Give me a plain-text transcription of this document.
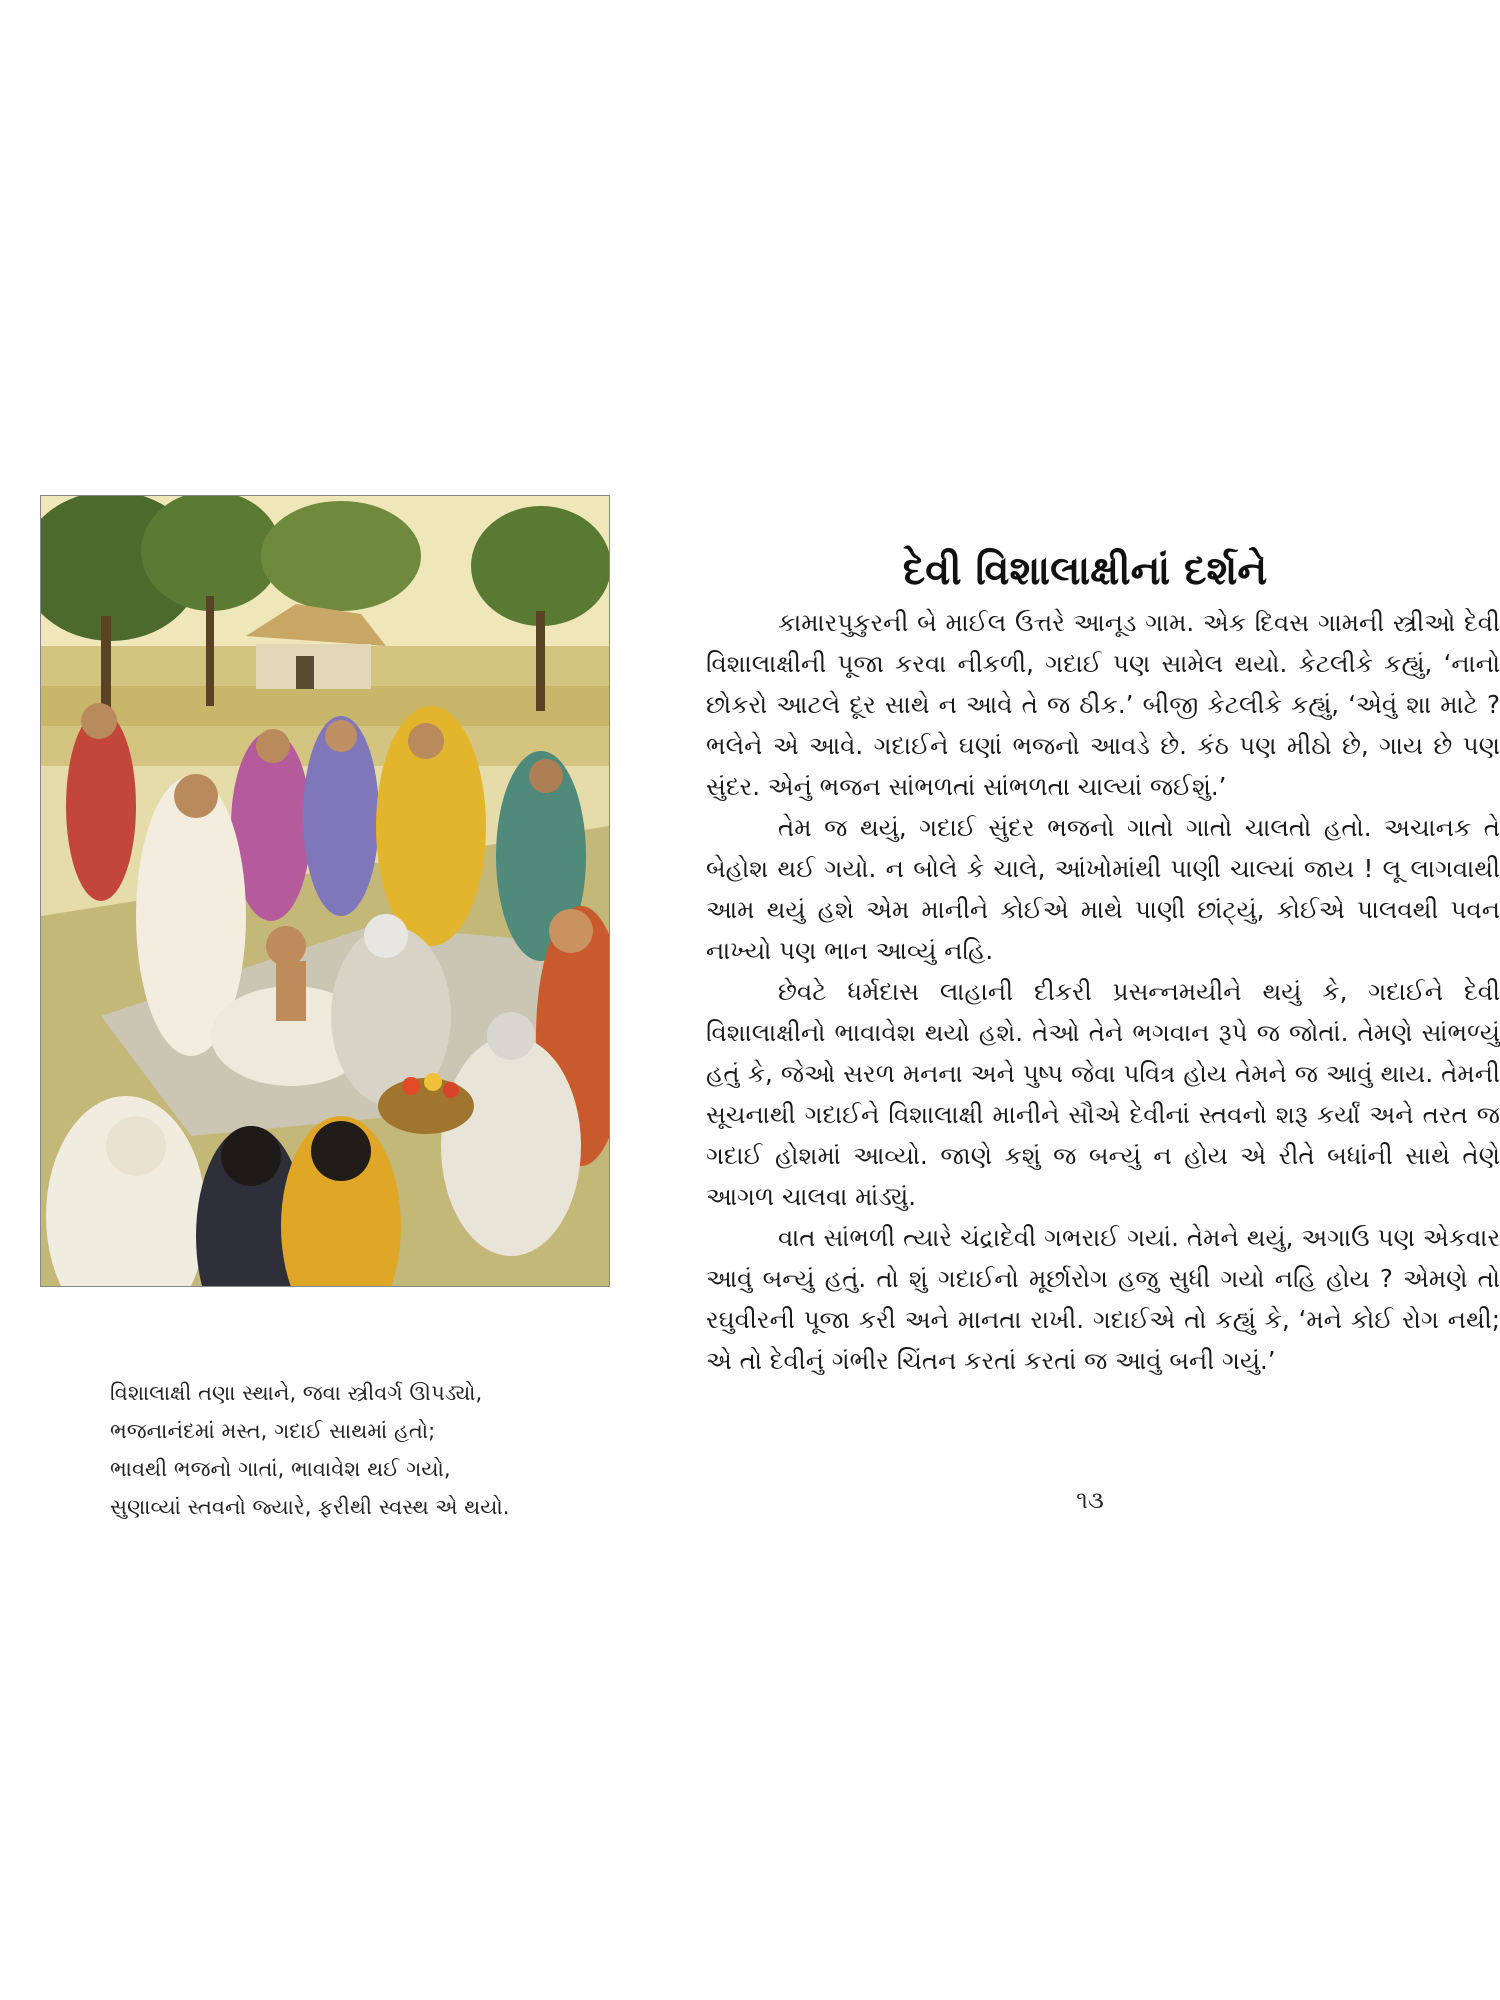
વિશાલાક્ષી તણા સ્થાને, જવા સ્ત્રીવર્ગ ઊપડ્યો,
ભજનાનંદમાં મસ્ત, ગદાઈ સાથમાં હતો;
ભાવથી ભજનો ગાતાં, ભાવાવેશ થઈ ગયો,
સુણાવ્યાં સ્તવનો જ્યારે, ફરીથી સ્વસ્થ એ થયો.
દેવી વિશાલાક્ષીનાં દર્શને

કામારપુકુરની બે માઈલ ઉત્તરે આનૂડ ગામ. એક દિવસ ગામની સ્ત્રીઓ દેવી વિશાલાક્ષીની પૂજા કરવા નીકળી, ગદાઈ પણ સામેલ થયો. કેટલીકે કહ્યું, ‘નાનો છોકરો આટલે દૂર સાથે ન આવે તે જ ઠીક.’ બીજી કેટલીકે કહ્યું, ‘એવું શા માટે ? ભલેને એ આવે. ગદાઈને ઘણાં ભજનો આવડે છે. કંઠ પણ મીઠો છે, ગાય છે પણ સુંદર. એનું ભજન સાંભળતાં સાંભળતા ચાલ્યાં જઈશું.’

તેમ જ થયું, ગદાઈ સુંદર ભજનો ગાતો ગાતો ચાલતો હતો. અચાનક તે બેહોશ થઈ ગયો. ન બોલે કે ચાલે, આંખોમાંથી પાણી ચાલ્યાં જાય ! લૂ લાગવાથી આમ થયું હશે એમ માનીને કોઈએ માથે પાણી છાંટ્યું, કોઈએ પાલવથી પવન નાખ્યો પણ ભાન આવ્યું નહિ.

છેવટે ધર્મદાસ લાહાની દીકરી પ્રસન્નમયીને થયું કે, ગદાઈને દેવી વિશાલાક્ષીનો ભાવાવેશ થયો હશે. તેઓ તેને ભગવાન રૂપે જ જોતાં. તેમણે સાંભળ્યું હતું કે, જેઓ સરળ મનના અને પુષ્પ જેવા પવિત્ર હોય તેમને જ આવું થાય. તેમની સૂચનાથી ગદાઈને વિશાલાક્ષી માનીને સૌએ દેવીનાં સ્તવનો શરૂ કર્યાં અને તરત જ ગદાઈ હોશમાં આવ્યો. જાણે કશું જ બન્યું ન હોય એ રીતે બધાંની સાથે તેણે આગળ ચાલવા માંડ્યું.

વાત સાંભળી ત્યારે ચંદ્રાદેવી ગભરાઈ ગયાં. તેમને થયું, અગાઉ પણ એકવાર આવું બન્યું હતું. તો શું ગદાઈનો મૂર્છારોગ હજુ સુધી ગયો નહિ હોય ? એમણે તો રઘુવીરની પૂજા કરી અને માનતા રાખી. ગદાઈએ તો કહ્યું કે, ‘મને કોઈ રોગ નથી; એ તો દેવીનું ગંભીર ચિંતન કરતાં કરતાં જ આવું બની ગયું.’

૧૩
